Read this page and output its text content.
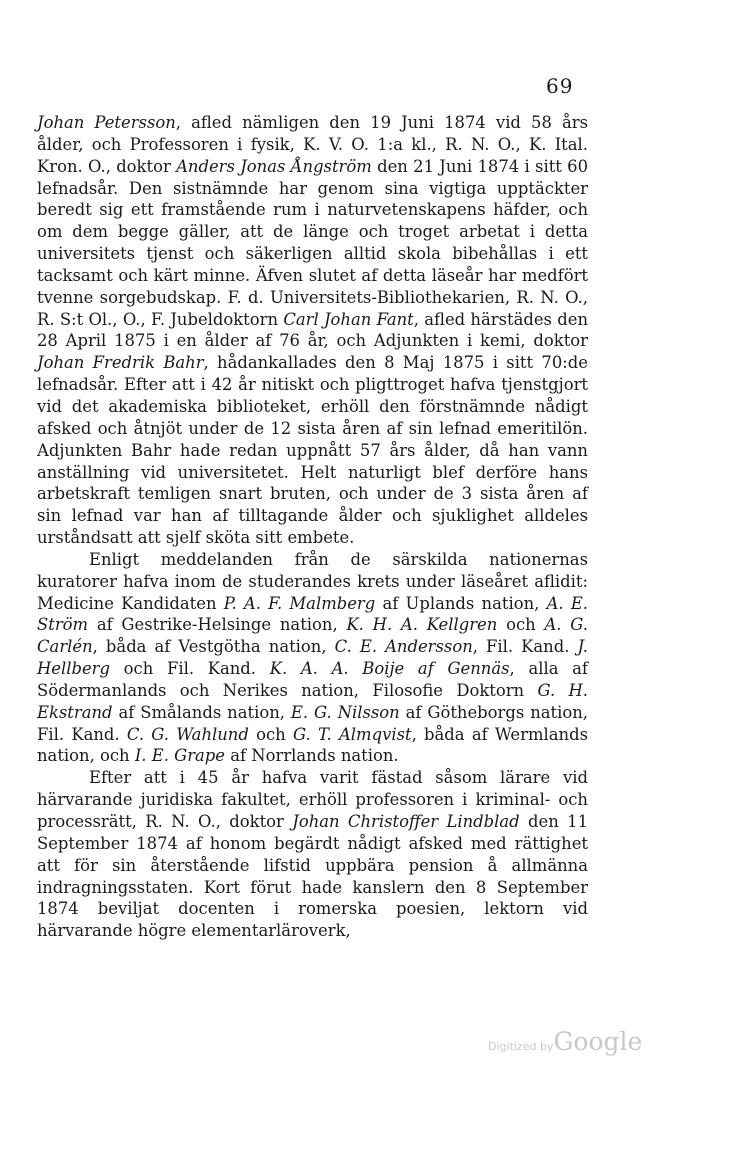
69

Johan Petersson, afled nämligen den 19 Juni 1874 vid 58 års ålder, och Professoren i fysik, K. V. O. 1:a kl., R. N. O., K. Ital. Kron. O., doktor Anders Jonas Ångström den 21 Juni 1874 i sitt 60 lefnadsår. Den sistnämnde har genom sina vigtiga upptäckter beredt sig ett framstående rum i naturvetenskapens häfder, och om dem begge gäller, att de länge och troget arbetat i detta universitets tjenst och säkerligen alltid skola bibehållas i ett tacksamt och kärt minne. Äfven slutet af detta läseår har medfört tvenne sorgebudskap. F. d. Universitets-Bibliothekarien, R. N. O., R. S:t Ol., O., F. Jubeldoktorn Carl Johan Fant, afled härstädes den 28 April 1875 i en ålder af 76 år, och Adjunkten i kemi, doktor Johan Fredrik Bahr, hådankallades den 8 Maj 1875 i sitt 70:de lefnadsår. Efter att i 42 år nitiskt och pligttroget hafva tjenstgjort vid det akademiska biblioteket, erhöll den förstnämnde nådigt afsked och åtnjöt under de 12 sista åren af sin lefnad emeritilön. Adjunkten Bahr hade redan uppnått 57 års ålder, då han vann anställning vid universitetet. Helt naturligt blef derföre hans arbetskraft temligen snart bruten, och under de 3 sista åren af sin lefnad var han af tilltagande ålder och sjuklighet alldeles urståndsatt att sjelf sköta sitt embete.

Enligt meddelanden från de särskilda nationernas kuratorer hafva inom de studerandes krets under läseåret aflidit: Medicine Kandidaten P. A. F. Malmberg af Uplands nation, A. E. Ström af Gestrike-Helsinge nation, K. H. A. Kellgren och A. G. Carlén, båda af Vestgötha nation, C. E. Andersson, Fil. Kand. J. Hellberg och Fil. Kand. K. A. A. Boije af Gennäs, alla af Södermanlands och Nerikes nation, Filosofie Doktorn G. H. Ekstrand af Smålands nation, E. G. Nilsson af Götheborgs nation, Fil. Kand. C. G. Wahlund och G. T. Almqvist, båda af Wermlands nation, och I. E. Grape af Norrlands nation.

Efter att i 45 år hafva varit fästad såsom lärare vid härvarande juridiska fakultet, erhöll professoren i kriminal- och processrätt, R. N. O., doktor Johan Christoffer Lindblad den 11 September 1874 af honom begärdt nådigt afsked med rättighet att för sin återstående lifstid uppbära pension å allmänna indragningsstaten. Kort förut hade kanslern den 8 September 1874 beviljat docenten i romerska poesien, lektorn vid härvarande högre elementarläroverk,

Digitized byGoogle
